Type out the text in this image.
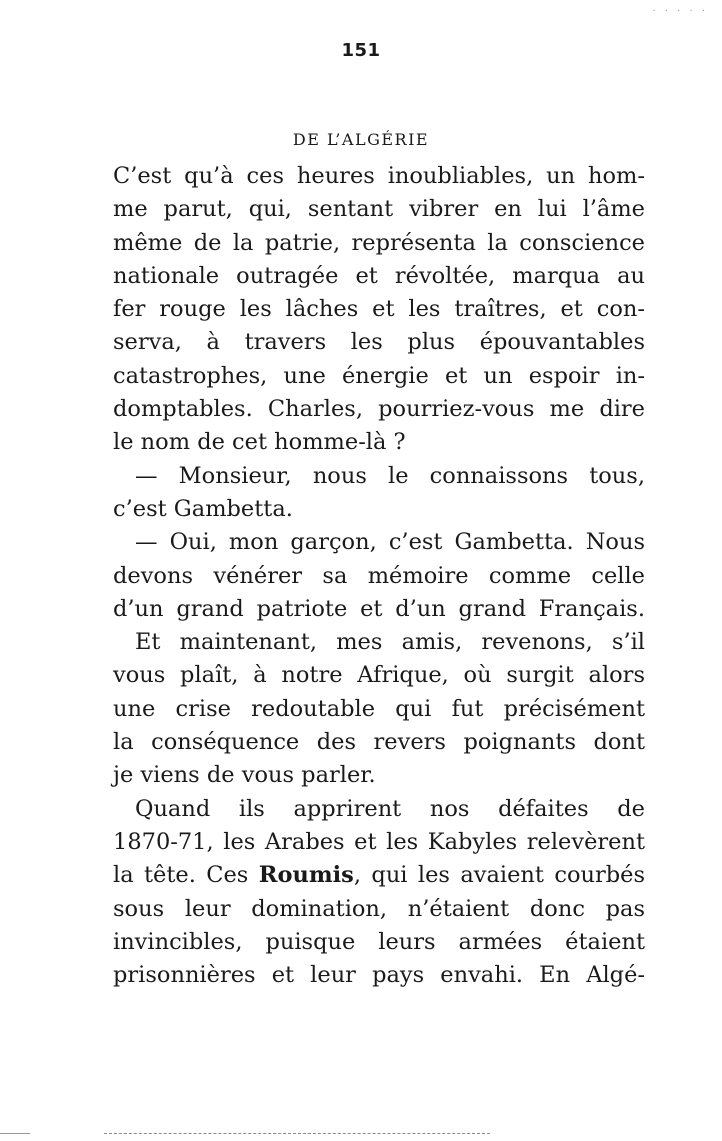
· · · · ·
151
DE L’ALGÉRIE
C’est qu’à ces heures inoubliables, un hom-
me parut, qui, sentant vibrer en lui l’âme
même de la patrie, représenta la conscience
nationale outragée et révoltée, marqua au
fer rouge les lâches et les traîtres, et con-
serva, à travers les plus épouvantables
catastrophes, une énergie et un espoir in-
domptables. Charles, pourriez-vous me dire
le nom de cet homme-là ?
— Monsieur, nous le connaissons tous,
c’est Gambetta.
— Oui, mon garçon, c’est Gambetta. Nous
devons vénérer sa mémoire comme celle
d’un grand patriote et d’un grand Français.
Et maintenant, mes amis, revenons, s’il
vous plaît, à notre Afrique, où surgit alors
une crise redoutable qui fut précisément
la conséquence des revers poignants dont
je viens de vous parler.
Quand ils apprirent nos défaites de
1870-71, les Arabes et les Kabyles relevèrent
la tête. Ces Roumis, qui les avaient courbés
sous leur domination, n’étaient donc pas
invincibles, puisque leurs armées étaient
prisonnières et leur pays envahi. En Algé-
